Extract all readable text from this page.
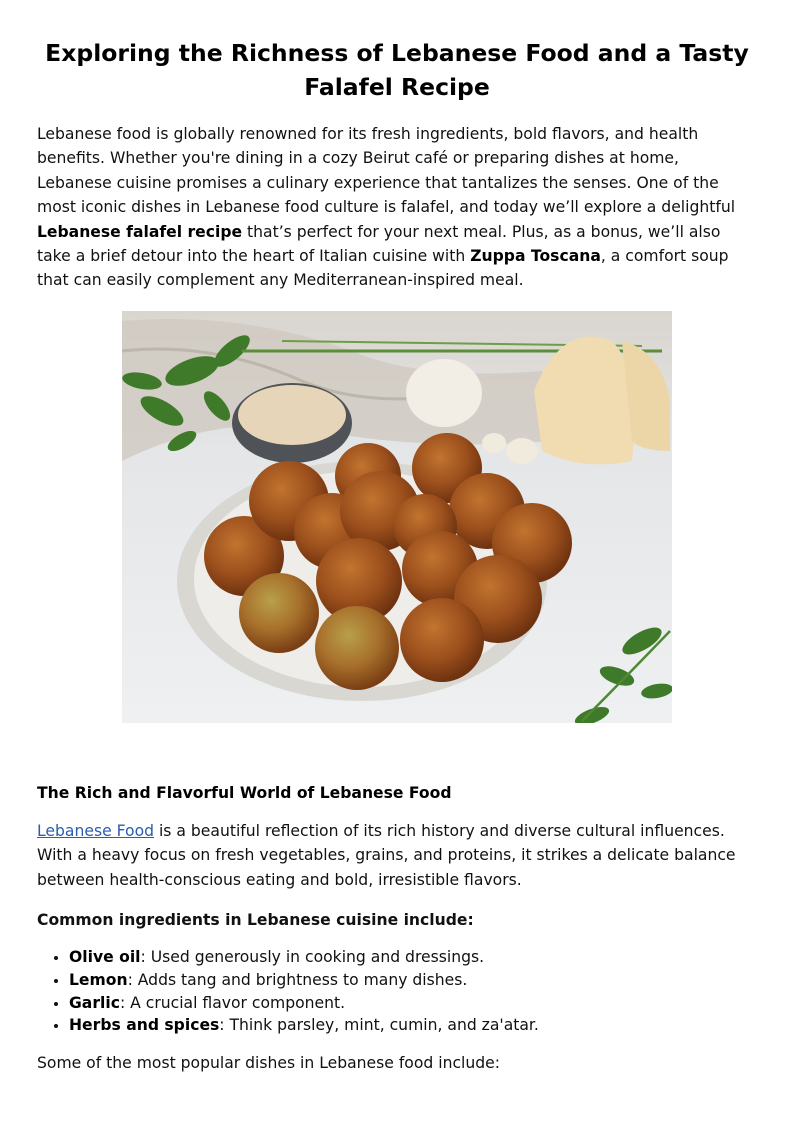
Exploring the Richness of Lebanese Food and a Tasty Falafel Recipe

Lebanese food is globally renowned for its fresh ingredients, bold flavors, and health benefits. Whether you're dining in a cozy Beirut café or preparing dishes at home, Lebanese cuisine promises a culinary experience that tantalizes the senses. One of the most iconic dishes in Lebanese food culture is falafel, and today we’ll explore a delightful Lebanese falafel recipe that’s perfect for your next meal. Plus, as a bonus, we’ll also take a brief detour into the heart of Italian cuisine with Zuppa Toscana, a comfort soup that can easily complement any Mediterranean-inspired meal.

The Rich and Flavorful World of Lebanese Food

Lebanese Food is a beautiful reflection of its rich history and diverse cultural influences. With a heavy focus on fresh vegetables, grains, and proteins, it strikes a delicate balance between health-conscious eating and bold, irresistible flavors.

Common ingredients in Lebanese cuisine include:

• Olive oil: Used generously in cooking and dressings.
• Lemon: Adds tang and brightness to many dishes.
• Garlic: A crucial flavor component.
• Herbs and spices: Think parsley, mint, cumin, and za'atar.

Some of the most popular dishes in Lebanese food include:
